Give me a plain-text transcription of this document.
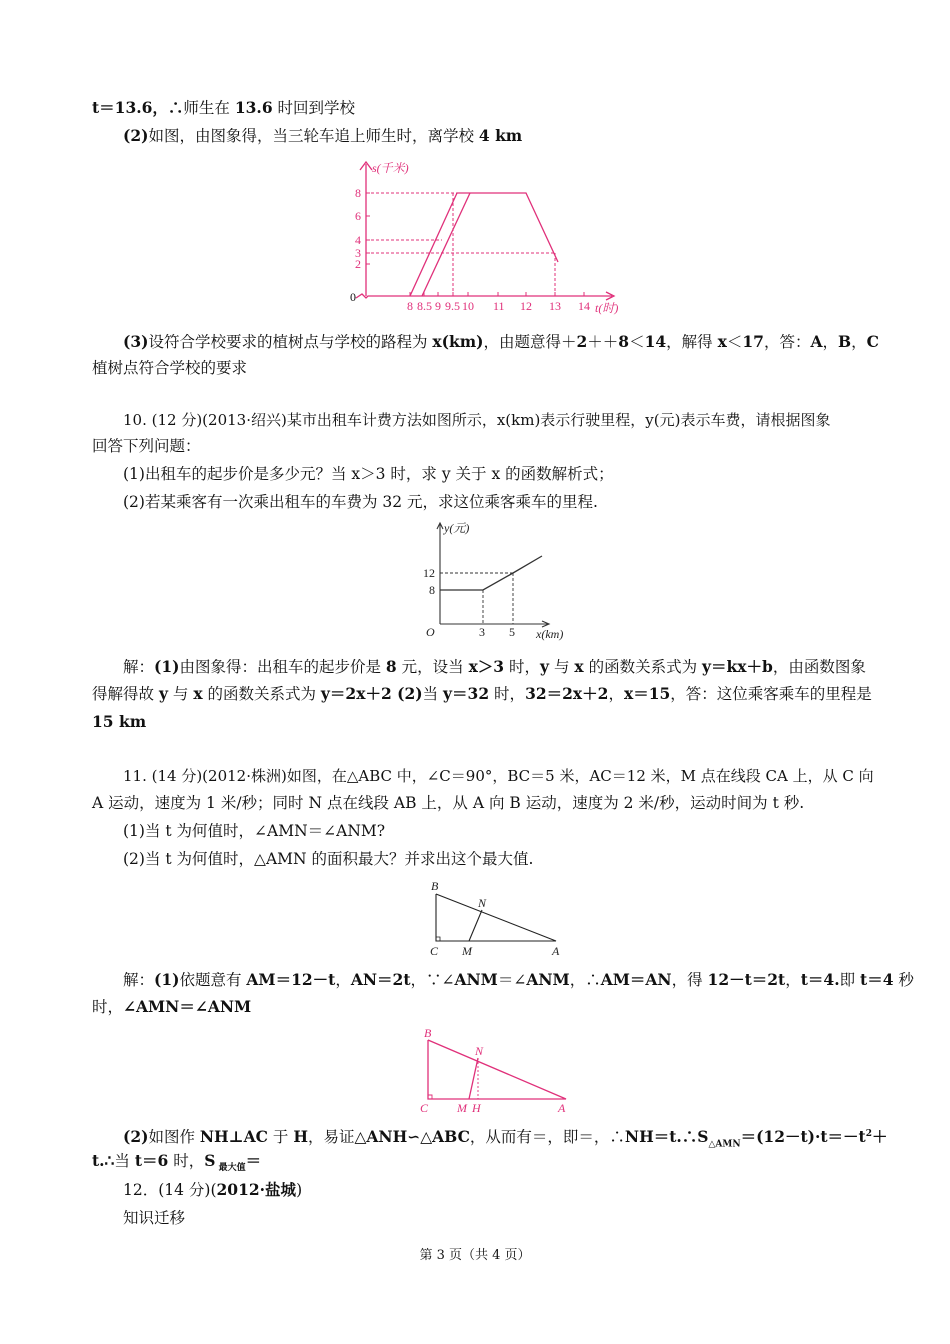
t＝13.6，∴师生在 13.6 时回到学校

(2)如图，由图象得，当三轮车追上师生时，离学校 4 km

s(千米)
t(时)
0
8
6
4
3
2
8 8.5 9 9.5 10 11 12 13 14

(3)设符合学校要求的植树点与学校的路程为 x(km)，由题意得＋2＋＋8＜14，解得 x＜17，答：A，B，C

植树点符合学校的要求

10. (12 分)(2013·绍兴)某市出租车计费方法如图所示，x(km)表示行驶里程，y(元)表示车费，请根据图象

回答下列问题：

(1)出租车的起步价是多少元？当 x＞3 时，求 y 关于 x 的函数解析式；

(2)若某乘客有一次乘出租车的车费为 32 元，求这位乘客乘车的里程.

y(元)
x(km)
O
12
8
3 5

解：(1)由图象得：出租车的起步价是 8 元，设当 x＞3 时，y 与 x 的函数关系式为 y＝kx＋b，由函数图象

得解得故 y 与 x 的函数关系式为 y＝2x＋2 (2)当 y＝32 时，32＝2x＋2，x＝15，答：这位乘客乘车的里程是

15 km

11. (14 分)(2012·株洲)如图，在△ABC 中，∠C＝90°，BC＝5 米，AC＝12 米，M 点在线段 CA 上，从 C 向

A 运动，速度为 1 米/秒；同时 N 点在线段 AB 上，从 A 向 B 运动，速度为 2 米/秒，运动时间为 t 秒.

(1)当 t 为何值时，∠AMN＝∠ANM?

(2)当 t 为何值时，△AMN 的面积最大？并求出这个最大值.

B
N
C M	A

解：(1)依题意有 AM＝12－t，AN＝2t，∵∠ANM＝∠ANM，∴AM＝AN，得 12－t＝2t，t＝4.即 t＝4 秒

时，∠AMN＝∠ANM

B
N
C M H	A

(2)如图作 NH⊥AC 于 H，易证△ANH∽△ABC，从而有＝，即＝，$\therefore NH=t.\therefore S_{\triangle AMN}=(12-t)\cdot t=-t^2+$

t.∴当 t＝6 时，S $_{最大值}$＝

12．(14 分)(2012·盐城)

知识迁移

第 3 页（共 4 页）
